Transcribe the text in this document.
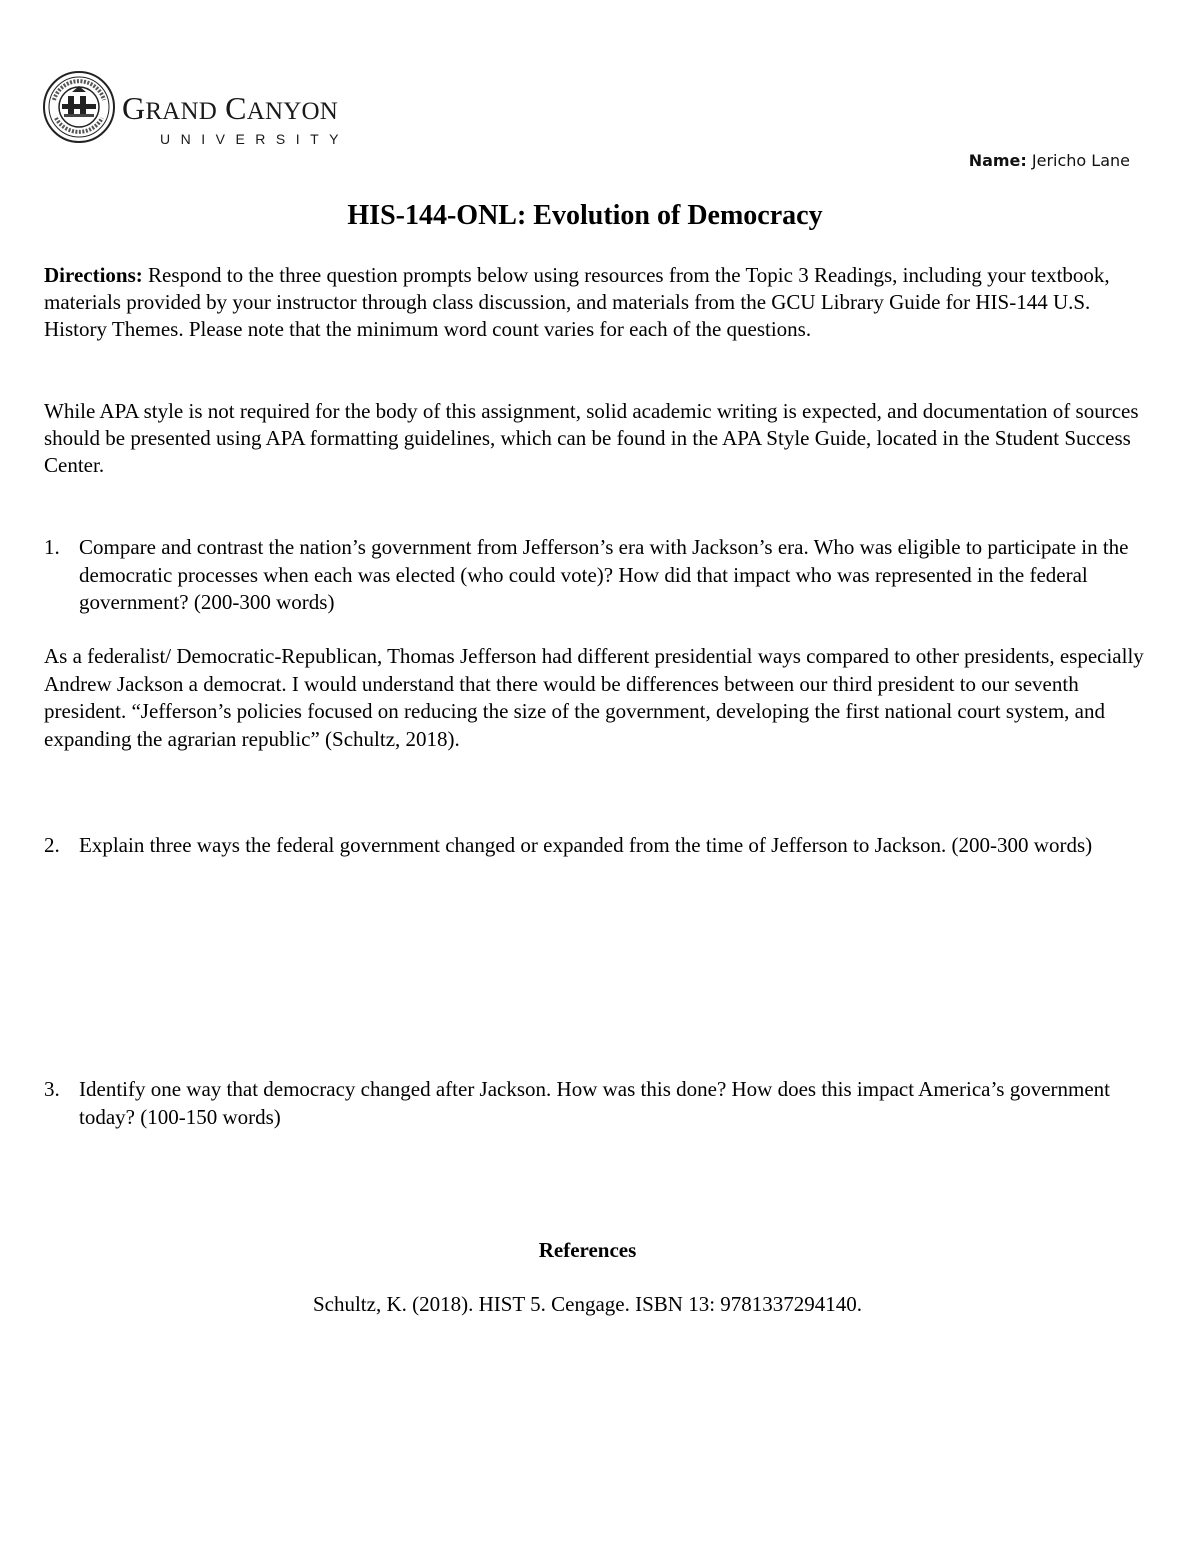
GRAND CANYON
UNIVERSITY
Name: Jericho Lane
HIS-144-ONL: Evolution of Democracy
Directions: Respond to the three question prompts below using resources from the Topic 3 Readings, including your textbook, materials provided by your instructor through class discussion, and materials from the GCU Library Guide for HIS-144 U.S. History Themes. Please note that the minimum word count varies for each of the questions.
While APA style is not required for the body of this assignment, solid academic writing is expected, and documentation of sources should be presented using APA formatting guidelines, which can be found in the APA Style Guide, located in the Student Success Center.
1. Compare and contrast the nation’s government from Jefferson’s era with Jackson’s era. Who was eligible to participate in the democratic processes when each was elected (who could vote)? How did that impact who was represented in the federal government? (200-300 words)
As a federalist/ Democratic-Republican, Thomas Jefferson had different presidential ways compared to other presidents, especially Andrew Jackson a democrat. I would understand that there would be differences between our third president to our seventh president. “Jefferson’s policies focused on reducing the size of the government, developing the first national court system, and expanding the agrarian republic” (Schultz, 2018).
2. Explain three ways the federal government changed or expanded from the time of Jefferson to Jackson. (200-300 words)
3. Identify one way that democracy changed after Jackson. How was this done? How does this impact America’s government today? (100-150 words)
References
Schultz, K. (2018). HIST 5. Cengage. ISBN 13: 9781337294140.
